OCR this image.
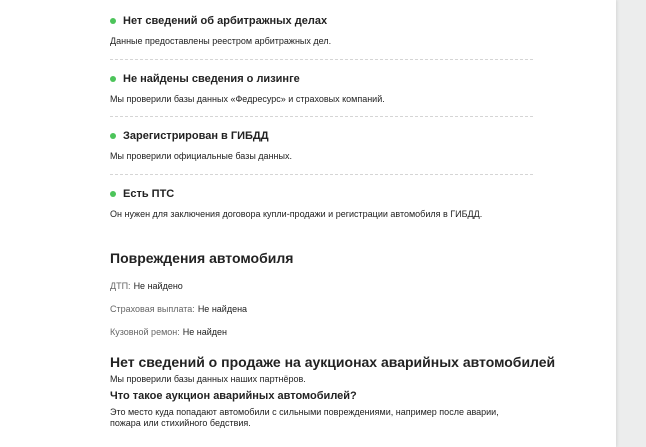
Нет сведений об арбитражных делах
Данные предоставлены реестром арбитражных дел.
Не найдены сведения о лизинге
Мы проверили базы данных «Федресурс» и страховых компаний.
Зарегистрирован в ГИБДД
Мы проверили официальные базы данных.
Есть ПТС
Он нужен для заключения договора купли-продажи и регистрации автомобиля в ГИБДД.
Повреждения автомобиля
ДТП: Не найдено
Страховая выплата: Не найдена
Кузовной ремон: Не найден
Нет сведений о продаже на аукционах аварийных автомобилей
Мы проверили базы данных наших партнёров.
Что такое аукцион аварийных автомобилей?
Это место куда попадают автомобили с сильными повреждениями, например после аварии, пожара или стихийного бедствия.
